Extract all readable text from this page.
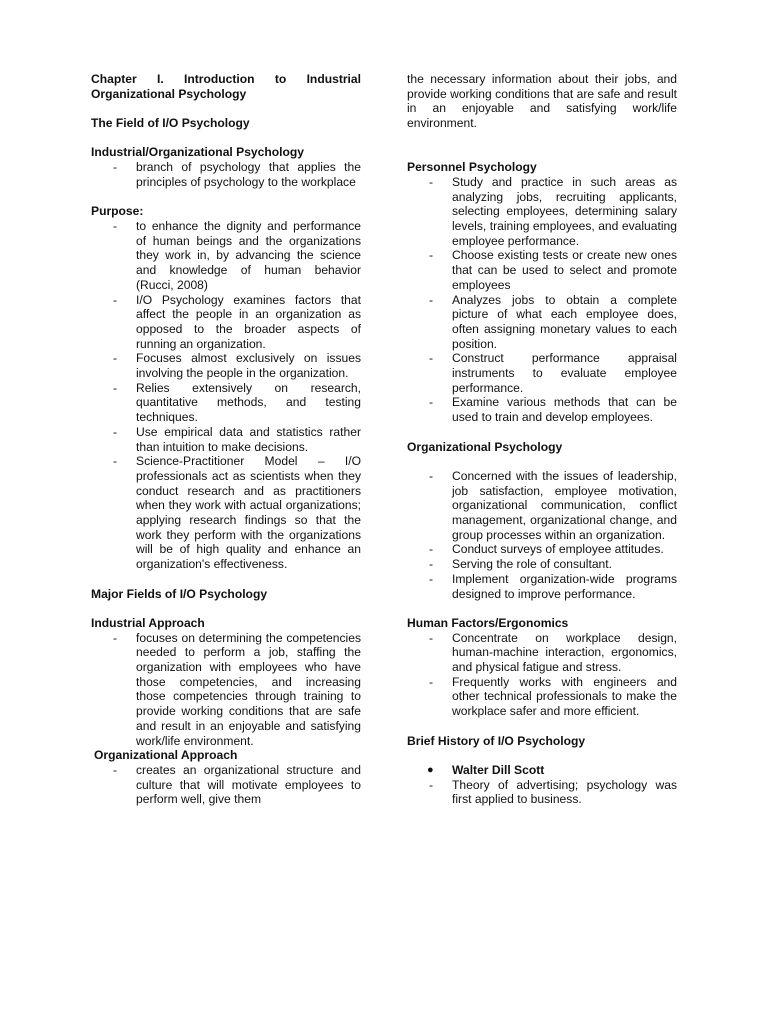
Chapter I. Introduction to Industrial Organizational Psychology

The Field of I/O Psychology

Industrial/Organizational Psychology

- branch of psychology that applies the principles of psychology to the workplace

Purpose:

- to enhance the dignity and performance of human beings and the organizations they work in, by advancing the science and knowledge of human behavior (Rucci, 2008)
- I/O Psychology examines factors that affect the people in an organization as opposed to the broader aspects of running an organization.
- Focuses almost exclusively on issues involving the people in the organization.
- Relies extensively on research, quantitative methods, and testing techniques.
- Use empirical data and statistics rather than intuition to make decisions.
- Science-Practitioner Model – I/O professionals act as scientists when they conduct research and as practitioners when they work with actual organizations; applying research findings so that the work they perform with the organizations will be of high quality and enhance an organization's effectiveness.

Major Fields of I/O Psychology

Industrial Approach

- focuses on determining the competencies needed to perform a job, staffing the organization with employees who have those competencies, and increasing those competencies through training to provide working conditions that are safe and result in an enjoyable and satisfying work/life environment.

Organizational Approach

- creates an organizational structure and culture that will motivate employees to perform well, give them

the necessary information about their jobs, and provide working conditions that are safe and result in an enjoyable and satisfying work/life environment.

Personnel Psychology

- Study and practice in such areas as analyzing jobs, recruiting applicants, selecting employees, determining salary levels, training employees, and evaluating employee performance.
- Choose existing tests or create new ones that can be used to select and promote employees
- Analyzes jobs to obtain a complete picture of what each employee does, often assigning monetary values to each position.
- Construct performance appraisal instruments to evaluate employee performance.
- Examine various methods that can be used to train and develop employees.

Organizational Psychology

- Concerned with the issues of leadership, job satisfaction, employee motivation, organizational communication, conflict management, organizational change, and group processes within an organization.
- Conduct surveys of employee attitudes.
- Serving the role of consultant.
- Implement organization-wide programs designed to improve performance.

Human Factors/Ergonomics

- Concentrate on workplace design, human-machine interaction, ergonomics, and physical fatigue and stress.
- Frequently works with engineers and other technical professionals to make the workplace safer and more efficient.

Brief History of I/O Psychology

● Walter Dill Scott
- Theory of advertising; psychology was first applied to business.
